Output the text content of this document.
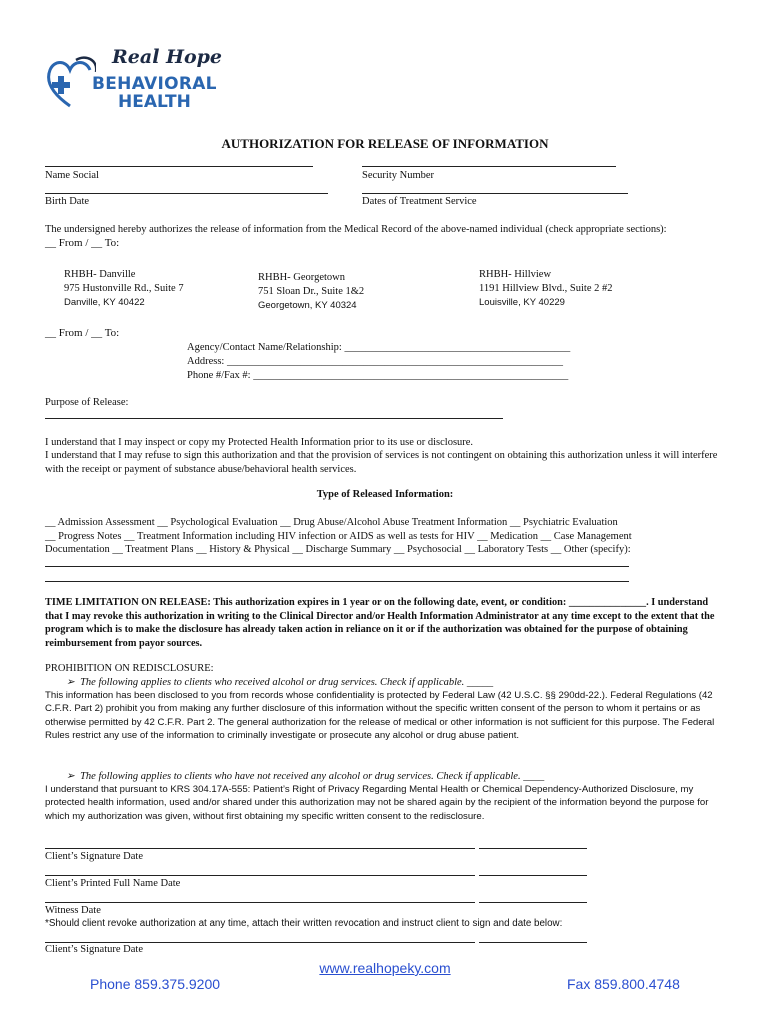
Real Hope
BEHAVIORAL
HEALTH
AUTHORIZATION FOR RELEASE OF INFORMATION
Name Social	Security Number
Birth Date	Dates of Treatment Service
The undersigned hereby authorizes the release of information from the Medical Record of the above-named individual (check appropriate sections):
__ From / __ To:
RHBH- Danville
975 Hustonville Rd., Suite 7
Danville, KY 40422
RHBH- Georgetown
751 Sloan Dr., Suite 1&2
Georgetown, KY 40324
RHBH- Hillview
1191 Hillview Blvd., Suite 2 #2
Louisville, KY 40229
__ From / __ To:
Agency/Contact Name/Relationship: ___________________________________________
Address: ________________________________________________________________
Phone #/Fax #: ____________________________________________________________
Purpose of Release:
I understand that I may inspect or copy my Protected Health Information prior to its use or disclosure.
I understand that I may refuse to sign this authorization and that the provision of services is not contingent on obtaining this authorization unless it will interfere with the receipt or payment of substance abuse/behavioral health services.
Type of Released Information:
__ Admission Assessment __ Psychological Evaluation __ Drug Abuse/Alcohol Abuse Treatment Information __ Psychiatric Evaluation
__ Progress Notes __ Treatment Information including HIV infection or AIDS as well as tests for HIV __ Medication __ Case Management
Documentation __ Treatment Plans __ History & Physical __ Discharge Summary __ Psychosocial __ Laboratory Tests __ Other (specify):
TIME LIMITATION ON RELEASE: This authorization expires in 1 year or on the following date, event, or condition: _______________. I understand that I may revoke this authorization in writing to the Clinical Director and/or Health Information Administrator at any time except to the extent that the program which is to make the disclosure has already taken action in reliance on it or if the authorization was obtained for the purpose of obtaining reimbursement from payor sources.
PROHIBITION ON REDISCLOSURE:
➢  The following applies to clients who received alcohol or drug services. Check if applicable. _____
This information has been disclosed to you from records whose confidentiality is protected by Federal Law (42 U.S.C. §§ 290dd-22.). Federal Regulations (42 C.F.R. Part 2) prohibit you from making any further disclosure of this information without the specific written consent of the person to whom it pertains or as otherwise permitted by 42 C.F.R. Part 2. The general authorization for the release of medical or other information is not sufficient for this purpose. The Federal Rules restrict any use of the information to criminally investigate or prosecute any alcohol or drug abuse patient.
➢  The following applies to clients who have not received any alcohol or drug services. Check if applicable. ____
I understand that pursuant to KRS 304.17A-555: Patient’s Right of Privacy Regarding Mental Health or Chemical Dependency-Authorized Disclosure, my protected health information, used and/or shared under this authorization may not be shared again by the recipient of the information beyond the purpose for which my authorization was given, without first obtaining my specific written consent to the redisclosure.
Client’s Signature Date
Client’s Printed Full Name Date
Witness Date
*Should client revoke authorization at any time, attach their written revocation and instruct client to sign and date below:
Client’s Signature Date
www.realhopeky.com
Phone 859.375.9200	Fax 859.800.4748
